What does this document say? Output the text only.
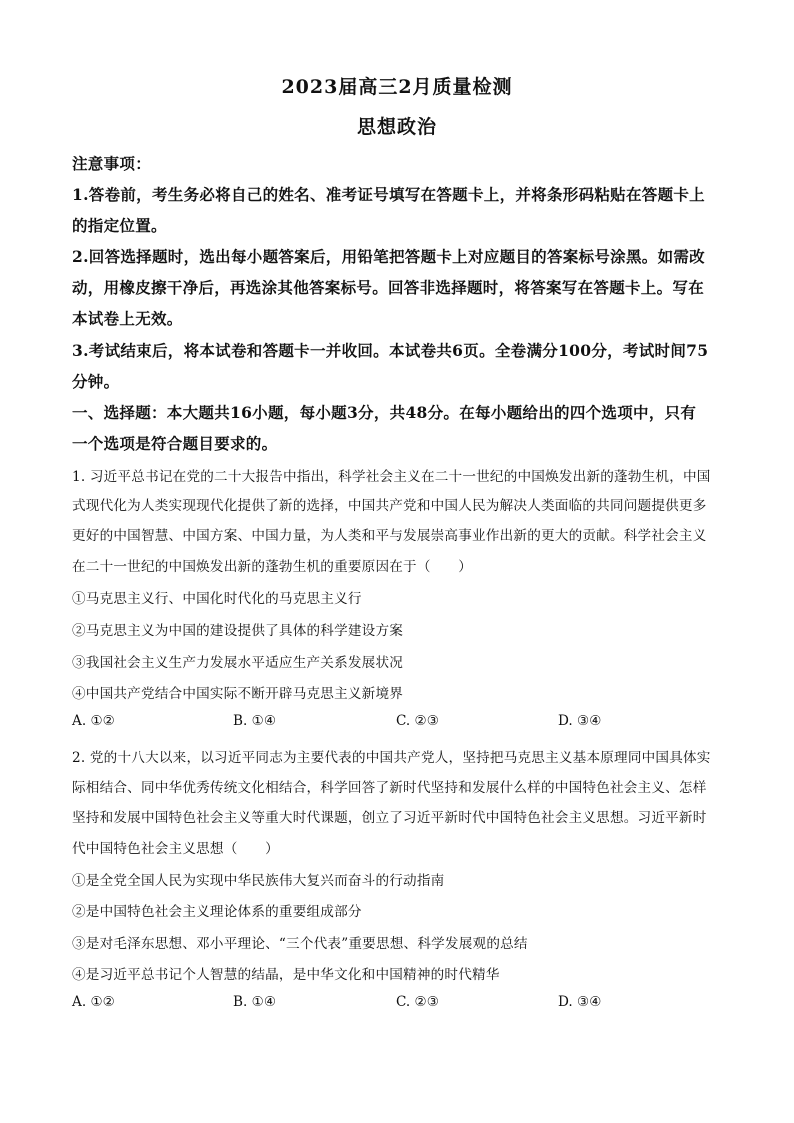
2023届高三2月质量检测
思想政治
注意事项：
1.答卷前，考生务必将自己的姓名、准考证号填写在答题卡上，并将条形码粘贴在答题卡上
的指定位置。
2.回答选择题时，选出每小题答案后，用铅笔把答题卡上对应题目的答案标号涂黑。如需改
动，用橡皮擦干净后，再选涂其他答案标号。回答非选择题时，将答案写在答题卡上。写在
本试卷上无效。
3.考试结束后，将本试卷和答题卡一并收回。本试卷共6页。全卷满分100分，考试时间75
分钟。
一、选择题：本大题共16小题，每小题3分，共48分。在每小题给出的四个选项中，只有
一个选项是符合题目要求的。
1. 习近平总书记在党的二十大报告中指出，科学社会主义在二十一世纪的中国焕发出新的蓬勃生机，中国
式现代化为人类实现现代化提供了新的选择，中国共产党和中国人民为解决人类面临的共同问题提供更多
更好的中国智慧、中国方案、中国力量，为人类和平与发展崇高事业作出新的更大的贡献。科学社会主义
在二十一世纪的中国焕发出新的蓬勃生机的重要原因在于（　　）
①马克思主义行、中国化时代化的马克思主义行
②马克思主义为中国的建设提供了具体的科学建设方案
③我国社会主义生产力发展水平适应生产关系发展状况
④中国共产党结合中国实际不断开辟马克思主义新境界
A. ①②	B. ①④	C. ②③	D. ③④
2. 党的十八大以来，以习近平同志为主要代表的中国共产党人，坚持把马克思主义基本原理同中国具体实
际相结合、同中华优秀传统文化相结合，科学回答了新时代坚持和发展什么样的中国特色社会主义、怎样
坚持和发展中国特色社会主义等重大时代课题，创立了习近平新时代中国特色社会主义思想。习近平新时
代中国特色社会主义思想（　　）
①是全党全国人民为实现中华民族伟大复兴而奋斗的行动指南
②是中国特色社会主义理论体系的重要组成部分
③是对毛泽东思想、邓小平理论、“三个代表”重要思想、科学发展观的总结
④是习近平总书记个人智慧的结晶，是中华文化和中国精神的时代精华
A. ①②	B. ①④	C. ②③	D. ③④
